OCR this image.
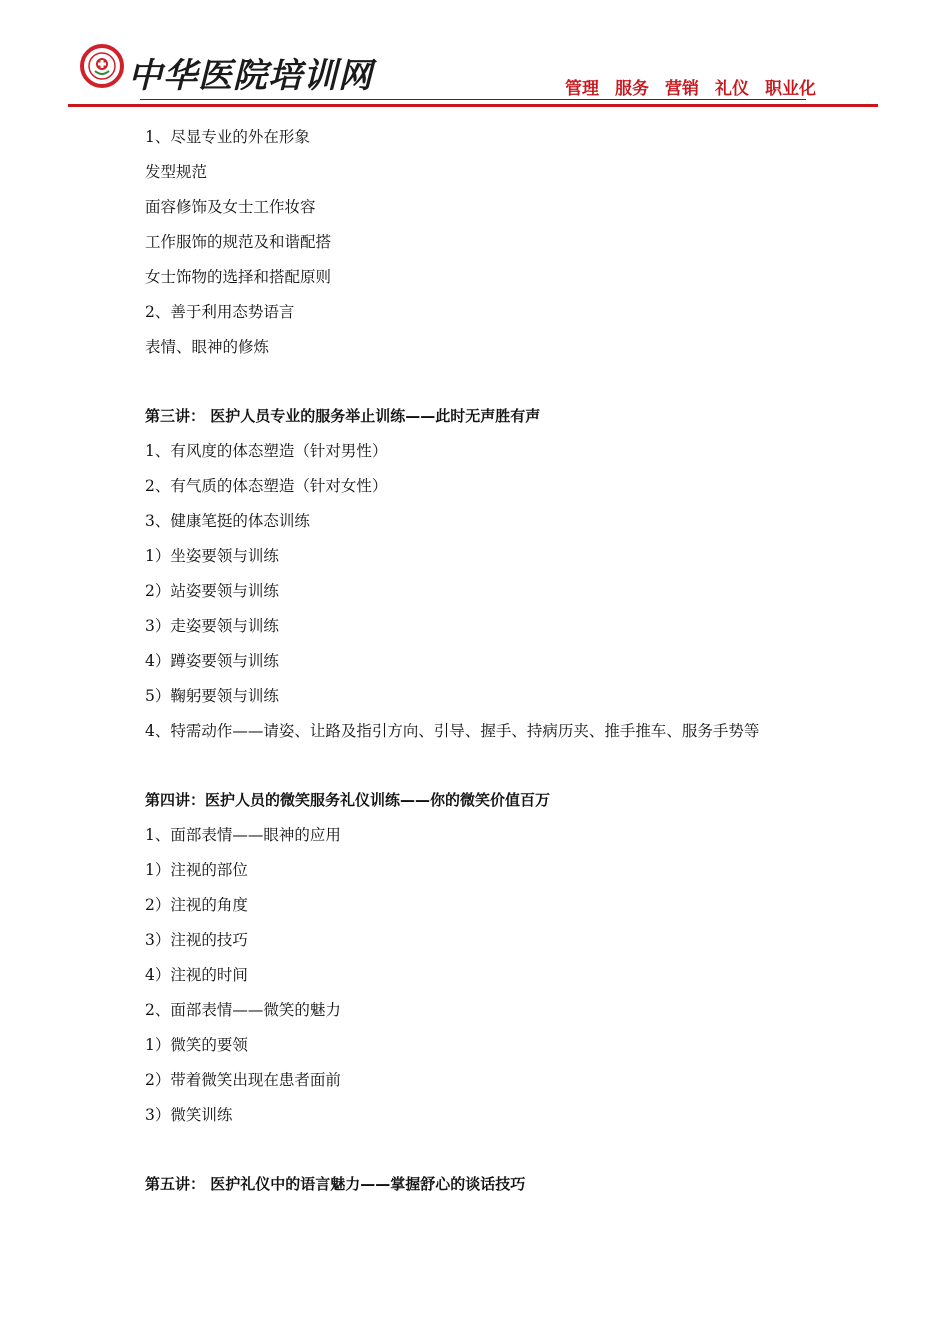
中华医院培训网	管理 服务 营销 礼仪 职业化
1、尽显专业的外在形象
发型规范
面容修饰及女士工作妆容
工作服饰的规范及和谐配搭
女士饰物的选择和搭配原则
2、善于利用态势语言
表情、眼神的修炼
第三讲： 医护人员专业的服务举止训练——此时无声胜有声
1、有风度的体态塑造（针对男性）
2、有气质的体态塑造（针对女性）
3、健康笔挺的体态训练
1）坐姿要领与训练
2）站姿要领与训练
3）走姿要领与训练
4）蹲姿要领与训练
5）鞠躬要领与训练
4、特需动作——请姿、让路及指引方向、引导、握手、持病历夹、推手推车、服务手势等
第四讲：医护人员的微笑服务礼仪训练——你的微笑价值百万
1、面部表情——眼神的应用
1）注视的部位
2）注视的角度
3）注视的技巧
4）注视的时间
2、面部表情——微笑的魅力
1）微笑的要领
2）带着微笑出现在患者面前
3）微笑训练
第五讲： 医护礼仪中的语言魅力——掌握舒心的谈话技巧
